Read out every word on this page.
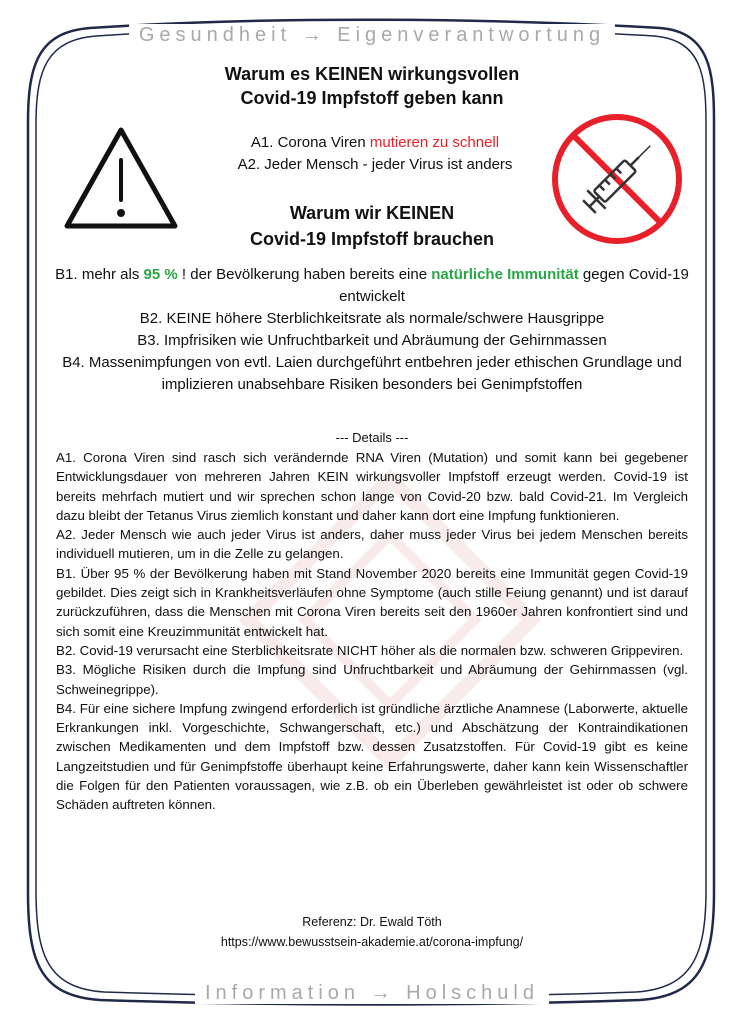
Gesundheit → Eigenverantwortung
Information → Holschuld
Warum es KEINEN wirkungsvollen
Covid-19 Impfstoff geben kann
A1. Corona Viren mutieren zu schnell
A2. Jeder Mensch - jeder Virus ist anders
Warum wir KEINEN
Covid-19 Impfstoff brauchen
B1. mehr als 95 % ! der Bevölkerung haben bereits eine natürliche Immunität gegen Covid-19 entwickelt
B2. KEINE höhere Sterblichkeitsrate als normale/schwere Hausgrippe
B3. Impfrisiken wie Unfruchtbarkeit und Abräumung der Gehirnmassen
B4. Massenimpfungen von evtl. Laien durchgeführt entbehren jeder ethischen Grundlage und implizieren unabsehbare Risiken besonders bei Genimpfstoffen
--- Details ---

A1. Corona Viren sind rasch sich verändernde RNA Viren (Mutation) und somit kann bei gegebener Entwicklungsdauer von mehreren Jahren KEIN wirkungsvoller Impfstoff erzeugt werden. Covid-19 ist bereits mehrfach mutiert und wir sprechen schon lange von Covid-20 bzw. bald Covid-21. Im Vergleich dazu bleibt der Tetanus Virus ziemlich konstant und daher kann dort eine Impfung funktionieren.

A2. Jeder Mensch wie auch jeder Virus ist anders, daher muss jeder Virus bei jedem Menschen bereits individuell mutieren, um in die Zelle zu gelangen.

B1. Über 95 % der Bevölkerung haben mit Stand November 2020 bereits eine Immunität gegen Covid-19 gebildet. Dies zeigt sich in Krankheitsverläufen ohne Symptome (auch stille Feiung genannt) und ist darauf zurückzuführen, dass die Menschen mit Corona Viren bereits seit den 1960er Jahren konfrontiert sind und sich somit eine Kreuzimmunität entwickelt hat.

B2. Covid-19 verursacht eine Sterblichkeitsrate NICHT höher als die normalen bzw. schweren Grippeviren.

B3. Mögliche Risiken durch die Impfung sind Unfruchtbarkeit und Abräumung der Gehirnmassen (vgl. Schweinegrippe).

B4. Für eine sichere Impfung zwingend erforderlich ist gründliche ärztliche Anamnese (Laborwerte, aktuelle Erkrankungen inkl. Vorgeschichte, Schwangerschaft, etc.) und Abschätzung der Kontraindikationen zwischen Medikamenten und dem Impfstoff bzw. dessen Zusatzstoffen. Für Covid-19 gibt es keine Langzeitstudien und für Genimpfstoffe überhaupt keine Erfahrungswerte, daher kann kein Wissenschaftler die Folgen für den Patienten voraussagen, wie z.B. ob ein Überleben gewährleistet ist oder ob schwere Schäden auftreten können.

Referenz: Dr. Ewald Töth
https://www.bewusstsein-akademie.at/corona-impfung/
